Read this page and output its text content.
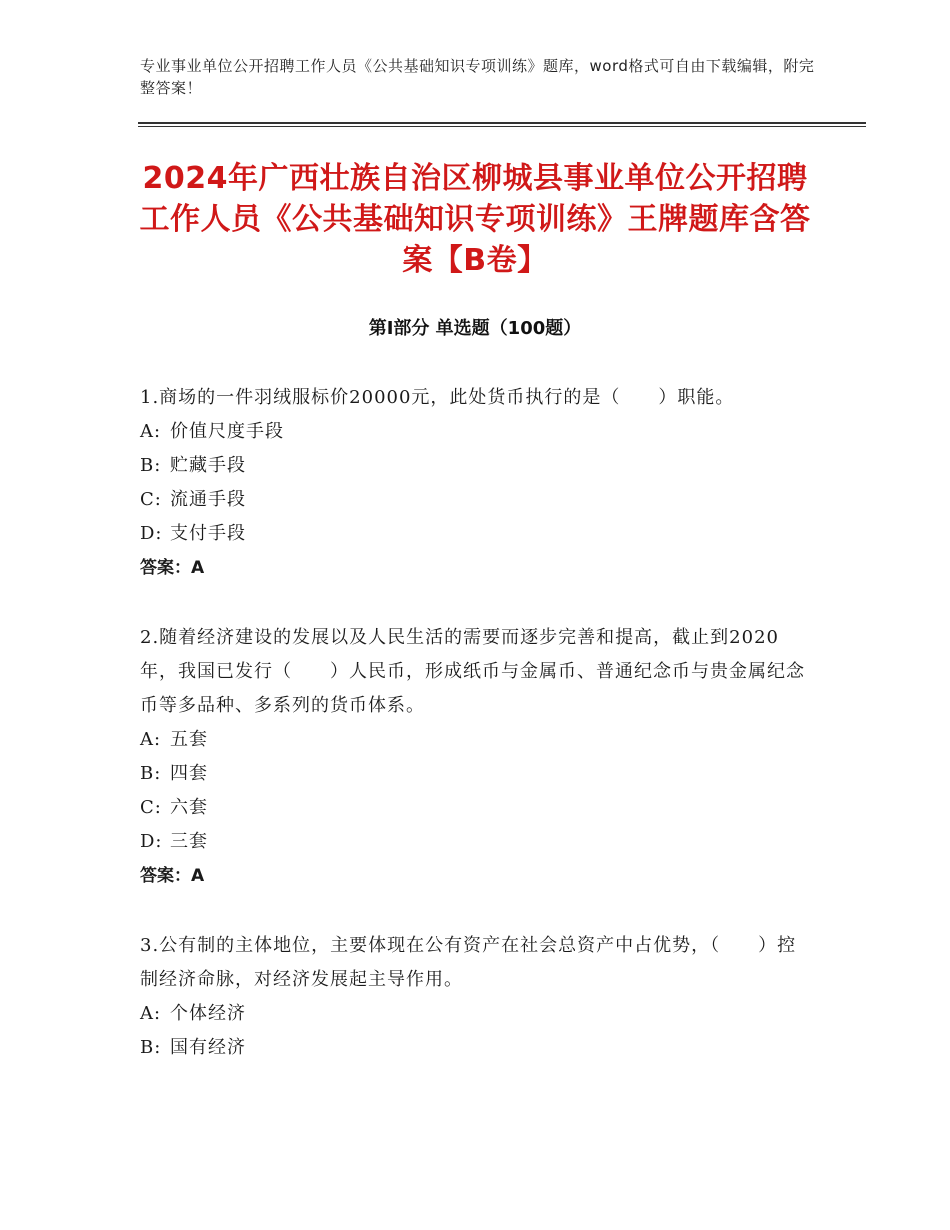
专业事业单位公开招聘工作人员《公共基础知识专项训练》题库，word格式可自由下载编辑，附完整答案！
2024年广西壮族自治区柳城县事业单位公开招聘工作人员《公共基础知识专项训练》王牌题库含答案【B卷】
第Ⅰ部分 单选题（100题）

1.商场的一件羽绒服标价20000元，此处货币执行的是（　　）职能。

A: 价值尺度手段

B: 贮藏手段

C: 流通手段

D: 支付手段

答案：A

2.随着经济建设的发展以及人民生活的需要而逐步完善和提高，截止到2020年，我国已发行（　　）人民币，形成纸币与金属币、普通纪念币与贵金属纪念币等多品种、多系列的货币体系。

A: 五套

B: 四套

C: 六套

D: 三套

答案：A

3.公有制的主体地位，主要体现在公有资产在社会总资产中占优势，（　　）控制经济命脉，对经济发展起主导作用。

A: 个体经济

B: 国有经济
